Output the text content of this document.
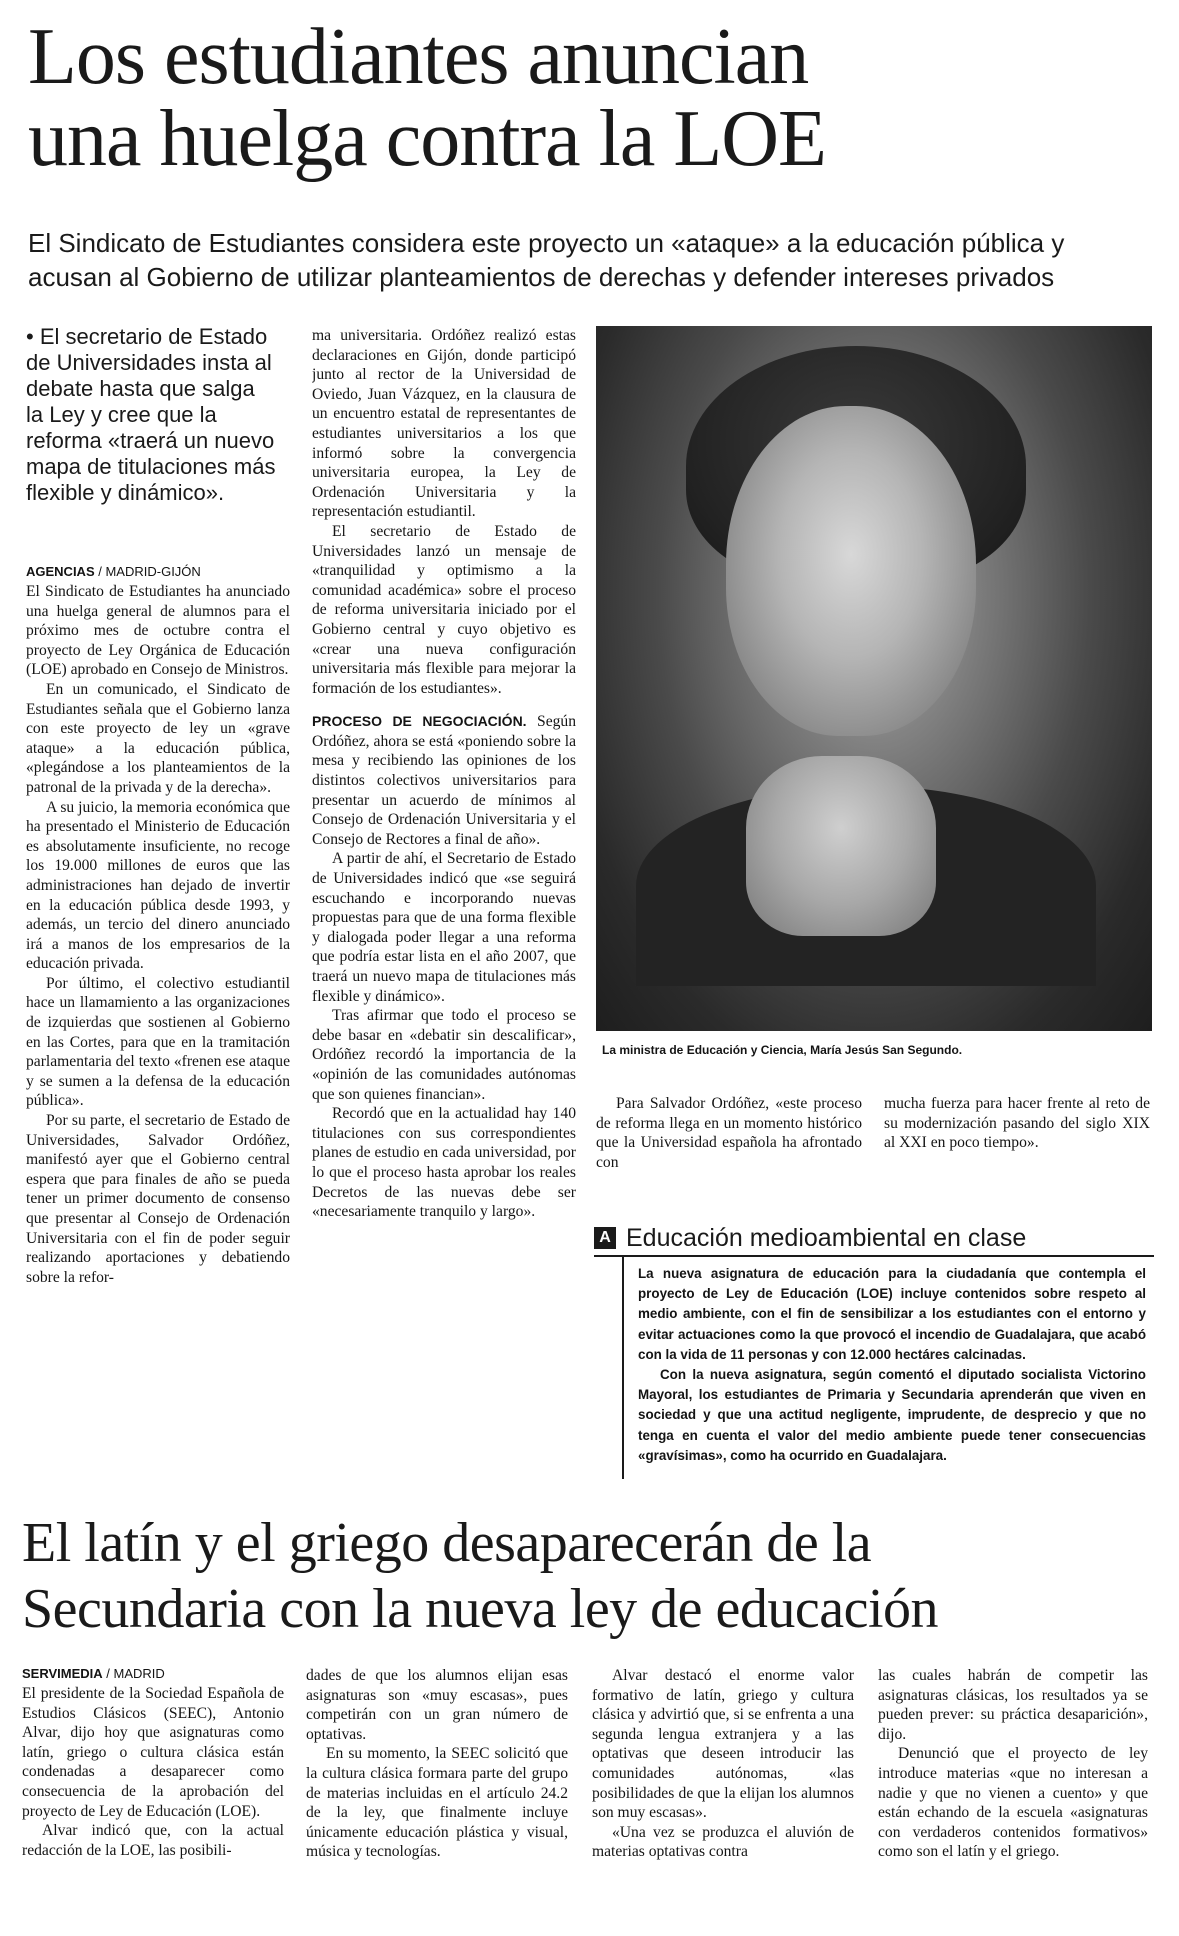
Los estudiantes anuncian
una huelga contra la LOE
El Sindicato de Estudiantes considera este proyecto un «ataque» a la educación pública y acusan al Gobierno de utilizar planteamientos de derechas y defender intereses privados
• El secretario de Estado de Universidades insta al debate hasta que salga la Ley y cree que la reforma «traerá un nuevo mapa de titulaciones más flexible y dinámico».
AGENCIAS / MADRID-GIJÓN

El Sindicato de Estudiantes ha anunciado una huelga general de alumnos para el próximo mes de octubre contra el proyecto de Ley Orgánica de Educación (LOE) aprobado en Consejo de Ministros.

En un comunicado, el Sindicato de Estudiantes señala que el Gobierno lanza con este proyecto de ley un «grave ataque» a la educación pública, «plegándose a los planteamientos de la patronal de la privada y de la derecha».

A su juicio, la memoria económica que ha presentado el Ministerio de Educación es absolutamente insuficiente, no recoge los 19.000 millones de euros que las administraciones han dejado de invertir en la educación pública desde 1993, y además, un tercio del dinero anunciado irá a manos de los empresarios de la educación privada.

Por último, el colectivo estudiantil hace un llamamiento a las organizaciones de izquierdas que sostienen al Gobierno en las Cortes, para que en la tramitación parlamentaria del texto «frenen ese ataque y se sumen a la defensa de la educación pública».

Por su parte, el secretario de Estado de Universidades, Salvador Ordóñez, manifestó ayer que el Gobierno central espera que para finales de año se pueda tener un primer documento de consenso que presentar al Consejo de Ordenación Universitaria con el fin de poder seguir realizando aportaciones y debatiendo sobre la refor-

ma universitaria. Ordóñez realizó estas declaraciones en Gijón, donde participó junto al rector de la Universidad de Oviedo, Juan Vázquez, en la clausura de un encuentro estatal de representantes de estudiantes universitarios a los que informó sobre la convergencia universitaria europea, la Ley de Ordenación Universitaria y la representación estudiantil.

El secretario de Estado de Universidades lanzó un mensaje de «tranquilidad y optimismo a la comunidad académica» sobre el proceso de reforma universitaria iniciado por el Gobierno central y cuyo objetivo es «crear una nueva configuración universitaria más flexible para mejorar la formación de los estudiantes».

PROCESO DE NEGOCIACIÓN. Según Ordóñez, ahora se está «poniendo sobre la mesa y recibiendo las opiniones de los distintos colectivos universitarios para presentar un acuerdo de mínimos al Consejo de Ordenación Universitaria y el Consejo de Rectores a final de año».

A partir de ahí, el Secretario de Estado de Universidades indicó que «se seguirá escuchando e incorporando nuevas propuestas para que de una forma flexible y dialogada poder llegar a una reforma que podría estar lista en el año 2007, que traerá un nuevo mapa de titulaciones más flexible y dinámico».

Tras afirmar que todo el proceso se debe basar en «debatir sin descalificar», Ordóñez recordó la importancia de la «opinión de las comunidades autónomas que son quienes financian».

Recordó que en la actualidad hay 140 titulaciones con sus correspondientes planes de estudio en cada universidad, por lo que el proceso hasta aprobar los reales Decretos de las nuevas debe ser «necesariamente tranquilo y largo».

La ministra de Educación y Ciencia, María Jesús San Segundo.

Para Salvador Ordóñez, «este proceso de reforma llega en un momento histórico que la Universidad española ha afrontado con

mucha fuerza para hacer frente al reto de su modernización pasando del siglo XIX al XXI en poco tiempo».

A Educación medioambiental en clase

La nueva asignatura de educación para la ciudadanía que contempla el proyecto de Ley de Educación (LOE) incluye contenidos sobre respeto al medio ambiente, con el fin de sensibilizar a los estudiantes con el entorno y evitar actuaciones como la que provocó el incendio de Guadalajara, que acabó con la vida de 11 personas y con 12.000 hectáres calcinadas.

Con la nueva asignatura, según comentó el diputado socialista Victorino Mayoral, los estudiantes de Primaria y Secundaria aprenderán que viven en sociedad y que una actitud negligente, imprudente, de desprecio y que no tenga en cuenta el valor del medio ambiente puede tener consecuencias «gravísimas», como ha ocurrido en Guadalajara.

El latín y el griego desaparecerán de la
Secundaria con la nueva ley de educación
SERVIMEDIA / MADRID

El presidente de la Sociedad Española de Estudios Clásicos (SEEC), Antonio Alvar, dijo hoy que asignaturas como latín, griego o cultura clásica están condenadas a desaparecer como consecuencia de la aprobación del proyecto de Ley de Educación (LOE).

Alvar indicó que, con la actual redacción de la LOE, las posibili-

dades de que los alumnos elijan esas asignaturas son «muy escasas», pues competirán con un gran número de optativas.

En su momento, la SEEC solicitó que la cultura clásica formara parte del grupo de materias incluidas en el artículo 24.2 de la ley, que finalmente incluye únicamente educación plástica y visual, música y tecnologías.

Alvar destacó el enorme valor formativo de latín, griego y cultura clásica y advirtió que, si se enfrenta a una segunda lengua extranjera y a las optativas que deseen introducir las comunidades autónomas, «las posibilidades de que la elijan los alumnos son muy escasas».

«Una vez se produzca el aluvión de materias optativas contra

las cuales habrán de competir las asignaturas clásicas, los resultados ya se pueden prever: su práctica desaparición», dijo.

Denunció que el proyecto de ley introduce materias «que no interesan a nadie y que no vienen a cuento» y que están echando de la escuela «asignaturas con verdaderos contenidos formativos» como son el latín y el griego.
